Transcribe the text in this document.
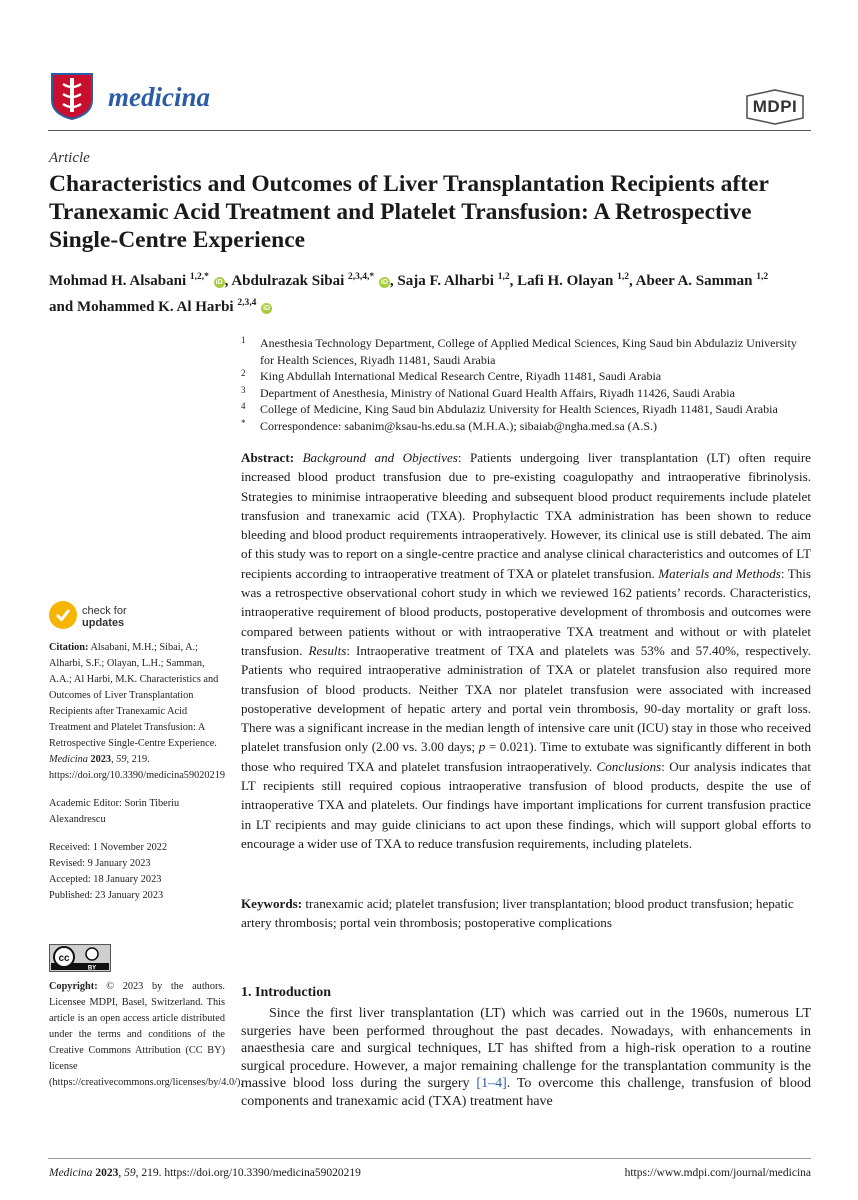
medicina	MDPI
Article
Characteristics and Outcomes of Liver Transplantation Recipients after Tranexamic Acid Treatment and Platelet Transfusion: A Retrospective Single-Centre Experience
Mohmad H. Alsabani $^{1,2,*}$ iD , Abdulrazak Sibai $^{2,3,4,*}$ iD , Saja F. Alharbi $^{1,2}$, Lafi H. Olayan $^{1,2}$, Abeer A. Samman $^{1,2}$
and Mohammed K. Al Harbi $^{2,3,4}$ iD
1 Anesthesia Technology Department, College of Applied Medical Sciences, King Saud bin Abdulaziz University for Health Sciences, Riyadh 11481, Saudi Arabia
2 King Abdullah International Medical Research Centre, Riyadh 11481, Saudi Arabia
3 Department of Anesthesia, Ministry of National Guard Health Affairs, Riyadh 11426, Saudi Arabia
4 College of Medicine, King Saud bin Abdulaziz University for Health Sciences, Riyadh 11481, Saudi Arabia
* Correspondence: sabanim@ksau-hs.edu.sa (M.H.A.); sibaiab@ngha.med.sa (A.S.)
Abstract: Background and Objectives: Patients undergoing liver transplantation (LT) often require increased blood product transfusion due to pre-existing coagulopathy and intraoperative fibrinolysis. Strategies to minimise intraoperative bleeding and subsequent blood product requirements include platelet transfusion and tranexamic acid (TXA). Prophylactic TXA administration has been shown to reduce bleeding and blood product requirements intraoperatively. However, its clinical use is still debated. The aim of this study was to report on a single-centre practice and analyse clinical characteristics and outcomes of LT recipients according to intraoperative treatment of TXA or platelet transfusion. Materials and Methods: This was a retrospective observational cohort study in which we reviewed 162 patients’ records. Characteristics, intraoperative requirement of blood products, postoperative development of thrombosis and outcomes were compared between patients without or with intraoperative TXA treatment and without or with platelet transfusion. Results: Intraoperative treatment of TXA and platelets was 53% and 57.40%, respectively. Patients who required intraoperative administration of TXA or platelet transfusion also required more transfusion of blood products. Neither TXA nor platelet transfusion were associated with increased postoperative development of hepatic artery and portal vein thrombosis, 90-day mortality or graft loss. There was a significant increase in the median length of intensive care unit (ICU) stay in those who received platelet transfusion only (2.00 vs. 3.00 days; p = 0.021). Time to extubate was significantly different in both those who required TXA and platelet transfusion intraoperatively. Conclusions: Our analysis indicates that LT recipients still required copious intraoperative transfusion of blood products, despite the use of intraoperative TXA and platelets. Our findings have important implications for current transfusion practice in LT recipients and may guide clinicians to act upon these findings, which will support global efforts to encourage a wider use of TXA to reduce transfusion requirements, including platelets.
Keywords: tranexamic acid; platelet transfusion; liver transplantation; blood product transfusion; hepatic artery thrombosis; portal vein thrombosis; postoperative complications
check for
updates

Citation: Alsabani, M.H.; Sibai, A.; Alharbi, S.F.; Olayan, L.H.; Samman, A.A.; Al Harbi, M.K. Characteristics and Outcomes of Liver Transplantation Recipients after Tranexamic Acid Treatment and Platelet Transfusion: A Retrospective Single-Centre Experience. Medicina 2023, 59, 219. https://doi.org/10.3390/medicina59020219

Academic Editor: Sorin Tiberiu Alexandrescu

Received: 1 November 2022
Revised: 9 January 2023
Accepted: 18 January 2023
Published: 23 January 2023
cc
BY
Copyright: © 2023 by the authors. Licensee MDPI, Basel, Switzerland. This article is an open access article distributed under the terms and conditions of the Creative Commons Attribution (CC BY) license (https://creativecommons.org/licenses/by/4.0/).
1. Introduction
Since the first liver transplantation (LT) which was carried out in the 1960s, numerous LT surgeries have been performed throughout the past decades. Nowadays, with enhancements in anaesthesia care and surgical techniques, LT has shifted from a high-risk operation to a routine surgical procedure. However, a major remaining challenge for the transplantation community is the massive blood loss during the surgery [1–4]. To overcome this challenge, transfusion of blood components and tranexamic acid (TXA) treatment have
Medicina 2023, 59, 219. https://doi.org/10.3390/medicina59020219	https://www.mdpi.com/journal/medicina
